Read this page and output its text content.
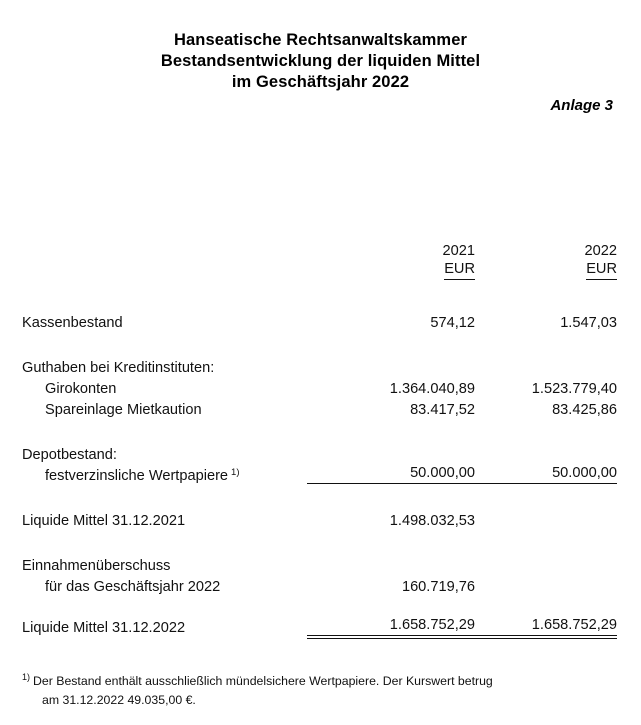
Hanseatische Rechtsanwaltskammer
Bestandsentwicklung der liquiden Mittel
im Geschäftsjahr 2022
Anlage 3
	2021	2022
	EUR	EUR

Kassenbestand	574,12	1.547,03

Guthaben bei Kreditinstituten:		
Girokonten	1.364.040,89	1.523.779,40
Spareinlage Mietkaution	83.417,52	83.425,86

Depotbestand:		
festverzinsliche Wertpapiere $^{1)}$	50.000,00	50.000,00

Liquide Mittel 31.12.2021	1.498.032,53	

Einnahmenüberschuss		
für das Geschäftsjahr 2022	160.719,76	

Liquide Mittel 31.12.2022	1.658.752,29	1.658.752,29
$^{1)}$ Der Bestand enthält ausschließlich mündelsichere Wertpapiere. Der Kurswert betrug
am 31.12.2022 49.035,00 €.
